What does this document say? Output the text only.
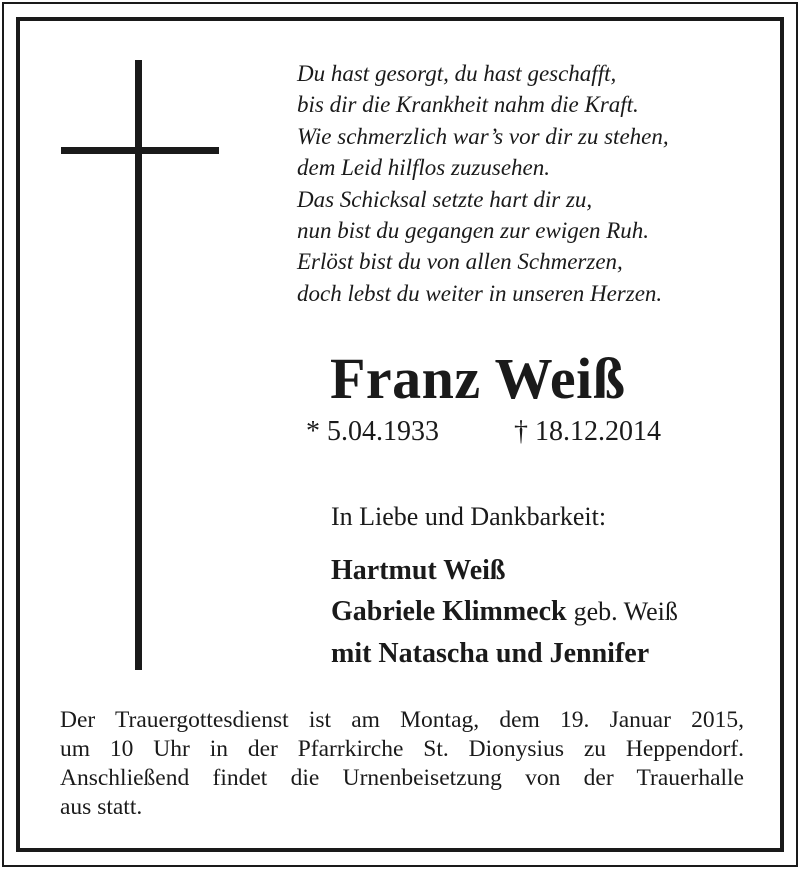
Du hast gesorgt, du hast geschafft,
bis dir die Krankheit nahm die Kraft.
Wie schmerzlich war’s vor dir zu stehen,
dem Leid hilflos zuzusehen.
Das Schicksal setzte hart dir zu,
nun bist du gegangen zur ewigen Ruh.
Erlöst bist du von allen Schmerzen,
doch lebst du weiter in unseren Herzen.
Franz Weiß
* 5.04.1933	† 18.12.2014
In Liebe und Dankbarkeit:
Hartmut Weiß
Gabriele Klimmeck geb. Weiß
mit Natascha und Jennifer
Der Trauergottesdienst ist am Montag, dem 19. Januar 2015,
um 10 Uhr in der Pfarrkirche St. Dionysius zu Heppendorf.
Anschließend findet die Urnenbeisetzung von der Trauerhalle
aus statt.
